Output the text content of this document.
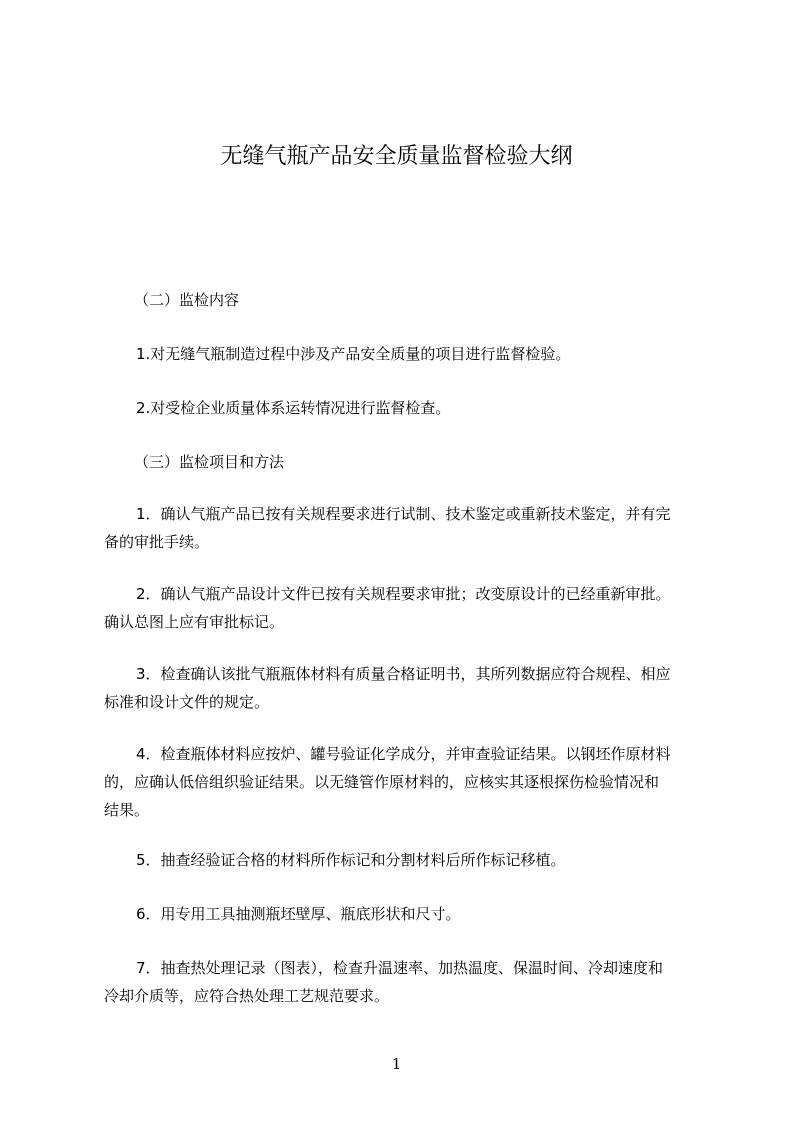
无缝气瓶产品安全质量监督检验大纲
（二）监检内容
1.对无缝气瓶制造过程中涉及产品安全质量的项目进行监督检验。
2.对受检企业质量体系运转情况进行监督检查。
（三）监检项目和方法
1．确认气瓶产品已按有关规程要求进行试制、技术鉴定或重新技术鉴定，并有完
备的审批手续。
2．确认气瓶产品设计文件已按有关规程要求审批；改变原设计的已经重新审批。
确认总图上应有审批标记。
3．检查确认该批气瓶瓶体材料有质量合格证明书，其所列数据应符合规程、相应
标准和设计文件的规定。
4．检查瓶体材料应按炉、罐号验证化学成分，并审查验证结果。以钢坯作原材料
的，应确认低倍组织验证结果。以无缝管作原材料的，应核实其逐根探伤检验情况和
结果。
5．抽查经验证合格的材料所作标记和分割材料后所作标记移植。
6．用专用工具抽测瓶坯壁厚、瓶底形状和尺寸。
7．抽查热处理记录（图表），检查升温速率、加热温度、保温时间、冷却速度和
冷却介质等，应符合热处理工艺规范要求。
1
